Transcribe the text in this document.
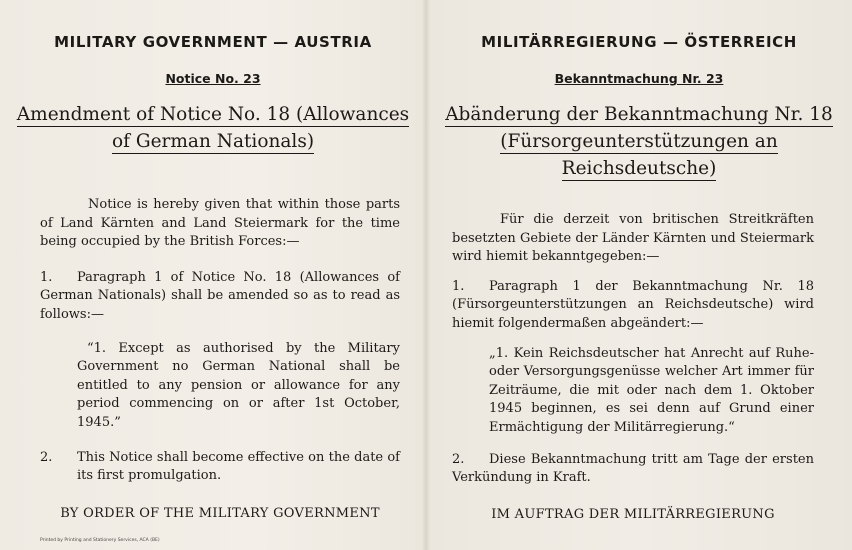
MILITARY GOVERNMENT — AUSTRIA
Notice No. 23
Amendment of Notice No. 18 (Allowances
of German Nationals)

Notice is hereby given that within those parts of Land Kärnten and Land Steiermark for the time being occupied by the British Forces:—

1.	Paragraph 1 of Notice No. 18 (Allowances of German Nationals) shall be amended so as to read as follows:—

“1. Except as authorised by the Military Government no German National shall be entitled to any pension or allowance for any period commencing on or after 1st October, 1945.”

2.	This Notice shall become effective on the date of its first promulgation.

BY ORDER OF THE MILITARY GOVERNMENT

Printed by Printing and Stationery Services, ACA (BE)
MILITÄRREGIERUNG — ÖSTERREICH
Bekanntmachung Nr. 23
Abänderung der Bekanntmachung Nr. 18
(Fürsorgeunterstützungen an
Reichsdeutsche)

Für die derzeit von britischen Streitkräften besetzten Gebiete der Länder Kärnten und Steiermark wird hiemit bekanntgegeben:—

1.	Paragraph 1 der Bekanntmachung Nr. 18 (Fürsorgeunterstützungen an Reichsdeutsche) wird hiemit folgendermaßen abgeändert:—

„1. Kein Reichsdeutscher hat Anrecht auf Ruhe- oder Versorgungsgenüsse welcher Art immer für Zeiträume, die mit oder nach dem 1. Oktober 1945 beginnen, es sei denn auf Grund einer Ermächtigung der Militärregierung.“

2.	Diese Bekanntmachung tritt am Tage der ersten Verkündung in Kraft.

IM AUFTRAG DER MILITÄRREGIERUNG
